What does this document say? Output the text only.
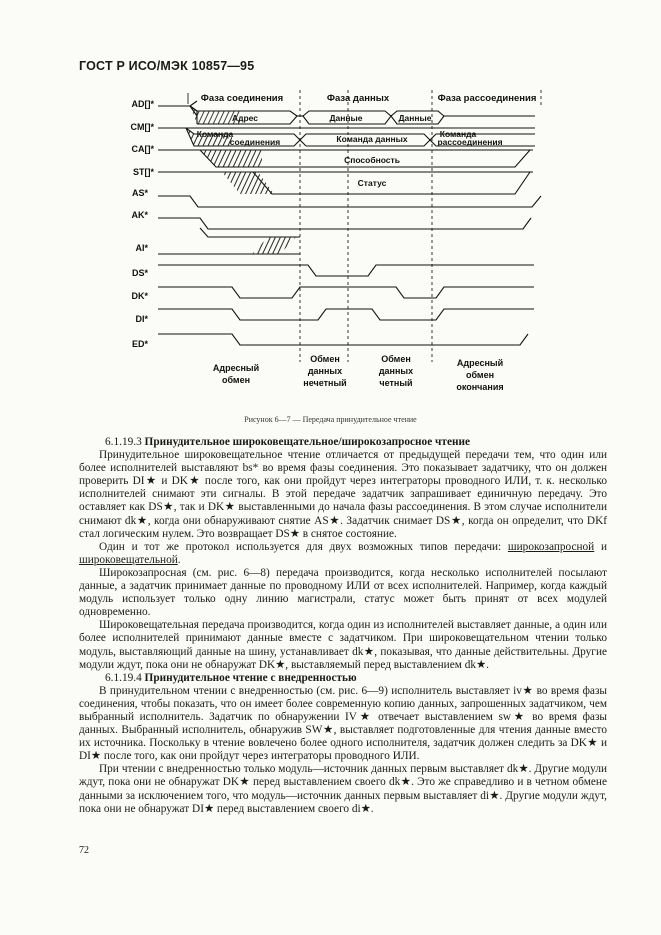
ГОСТ Р ИСО/МЭК 10857—95
Фаза соединения	Фаза данных	Фаза рассоединения
AD[]*
CM[]*
CA[]*
ST[]*
AS*
AK*
AI*
DS*
DK*
DI*
ED*
Адрес	Данные	Данные
Команда
соединения	Команда данных	Команда
рассоединения
Способность
Статус
Адресный
обмен
Обмен
данных
нечетный
Обмен
данных
четный
Адресный
обмен
окончания
Рисунок 6—7 — Передача принудительное чтение

6.1.19.3 Принудительное широковещательное/широкозапросное чтение

Принудительное широковещательное чтение отличается от предыдущей передачи тем, что один или более исполнителей выставляют bs* во время фазы соединения. Это показывает задатчику, что он должен проверить DI★ и DK★ после того, как они пройдут через интеграторы проводного ИЛИ, т. к. несколько исполнителей снимают эти сигналы. В этой передаче задатчик запрашивает единичную передачу. Это оставляет как DS★, так и DK★ выставленными до начала фазы рассоединения. В этом случае исполнители снимают dk★, когда они обнаруживают снятие AS★. Задатчик снимает DS★, когда он определит, что DKf стал логическим нулем. Это возвращает DS★ в снятое состояние.

Один и тот же протокол используется для двух возможных типов передачи: широкозапросной и широковещательной.

Широкозапросная (см. рис. 6—8) передача производится, когда несколько исполнителей посылают данные, а задатчик принимает данные по проводному ИЛИ от всех исполнителей. Например, когда каждый модуль использует только одну линию магистрали, статус может быть принят от всех модулей одновременно.

Широковещательная передача производится, когда один из исполнителей выставляет данные, а один или более исполнителей принимают данные вместе с задатчиком. При широковещательном чтении только модуль, выставляющий данные на шину, устанавливает dk★, показывая, что данные действительны. Другие модули ждут, пока они не обнаружат DK★, выставляемый перед выставлением dk★.

6.1.19.4 Принудительное чтение с внедренностью

В принудительном чтении с внедренностью (см. рис. 6—9) исполнитель выставляет iv★ во время фазы соединения, чтобы показать, что он имеет более современную копию данных, запрошенных задатчиком, чем выбранный исполнитель. Задатчик по обнаружении IV★ отвечает выставлением sw★ во время фазы данных. Выбранный исполнитель, обнаружив SW★, выставляет подготовленные для чтения данные вместо их источника. Поскольку в чтение вовлечено более одного исполнителя, задатчик должен следить за DK★ и DI★ после того, как они пройдут через интеграторы проводного ИЛИ.

При чтении с внедренностью только модуль—источник данных первым выставляет dk★. Другие модули ждут, пока они не обнаружат DK★ перед выставлением своего dk★. Это же справедливо и в четном обмене данными за исключением того, что модуль—источник данных первым выставляет di★. Другие модули ждут, пока они не обнаружат DI★ перед выставлением своего di★.

72
